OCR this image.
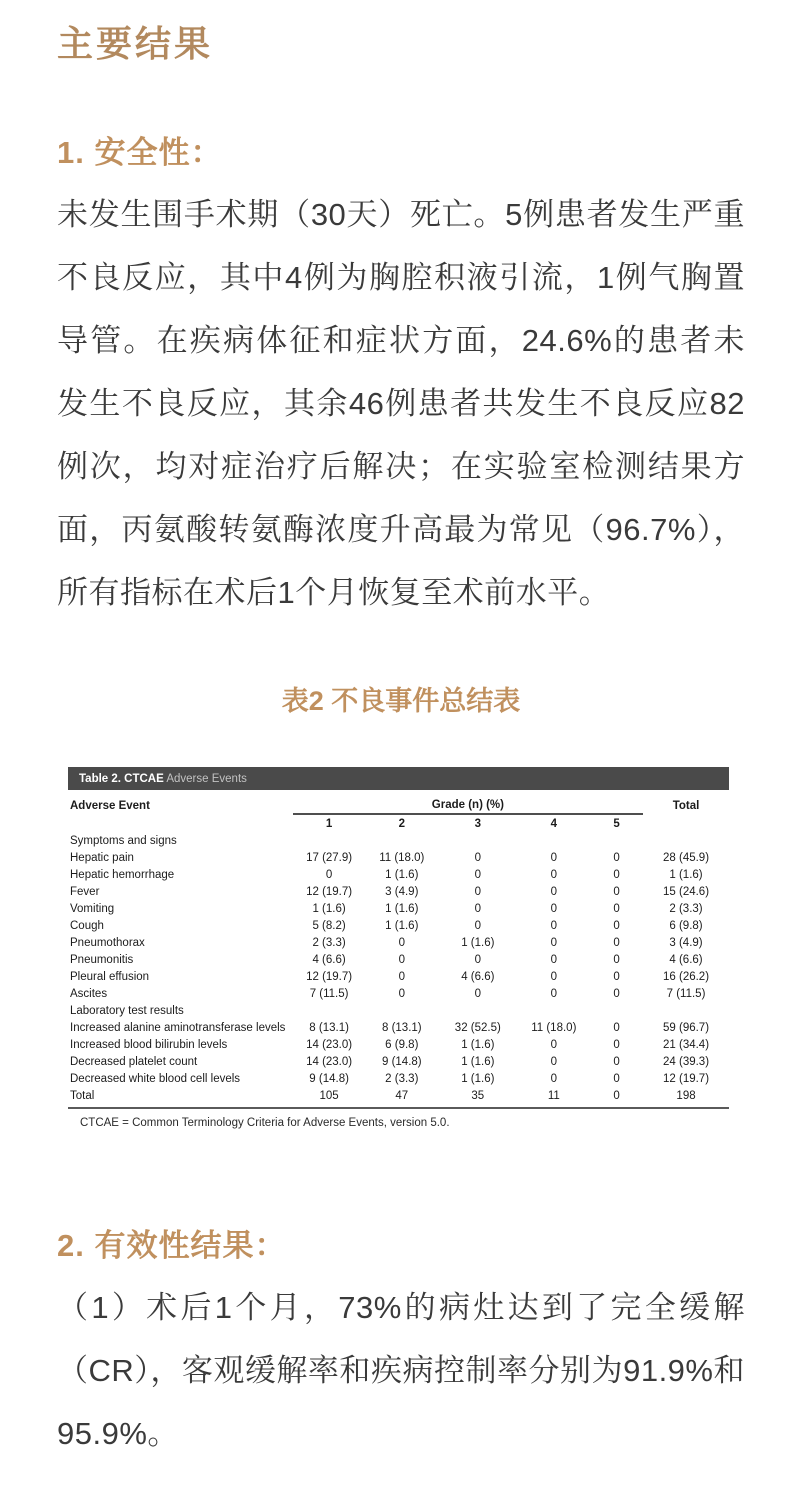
主要结果
1. 安全性：

未发生围手术期（30天）死亡。5例患者发生严重不良反应，其中4例为胸腔积液引流，1例气胸置导管。在疾病体征和症状方面，24.6%的患者未发生不良反应，其余46例患者共发生不良反应82例次，均对症治疗后解决；在实验室检测结果方面，丙氨酸转氨酶浓度升高最为常见（96.7%），所有指标在术后1个月恢复至术前水平。

表2 不良事件总结表
Table 2. CTCAE Adverse Events
Adverse Event	Grade (n) (%)					Total
	1	2	3	4	5	
Symptoms and signs						
Hepatic pain	17 (27.9)	11 (18.0)	0	0	0	28 (45.9)
Hepatic hemorrhage	0	1 (1.6)	0	0	0	1 (1.6)
Fever	12 (19.7)	3 (4.9)	0	0	0	15 (24.6)
Vomiting	1 (1.6)	1 (1.6)	0	0	0	2 (3.3)
Cough	5 (8.2)	1 (1.6)	0	0	0	6 (9.8)
Pneumothorax	2 (3.3)	0	1 (1.6)	0	0	3 (4.9)
Pneumonitis	4 (6.6)	0	0	0	0	4 (6.6)
Pleural effusion	12 (19.7)	0	4 (6.6)	0	0	16 (26.2)
Ascites	7 (11.5)	0	0	0	0	7 (11.5)
Laboratory test results						
Increased alanine aminotransferase levels	8 (13.1)	8 (13.1)	32 (52.5)	11 (18.0)	0	59 (96.7)
Increased blood bilirubin levels	14 (23.0)	6 (9.8)	1 (1.6)	0	0	21 (34.4)
Decreased platelet count	14 (23.0)	9 (14.8)	1 (1.6)	0	0	24 (39.3)
Decreased white blood cell levels	9 (14.8)	2 (3.3)	1 (1.6)	0	0	12 (19.7)
Total	105	47	35	11	0	198
CTCAE = Common Terminology Criteria for Adverse Events, version 5.0.
2. 有效性结果：

（1）术后1个月，73%的病灶达到了完全缓解（CR），客观缓解率和疾病控制率分别为91.9%和95.9%。
